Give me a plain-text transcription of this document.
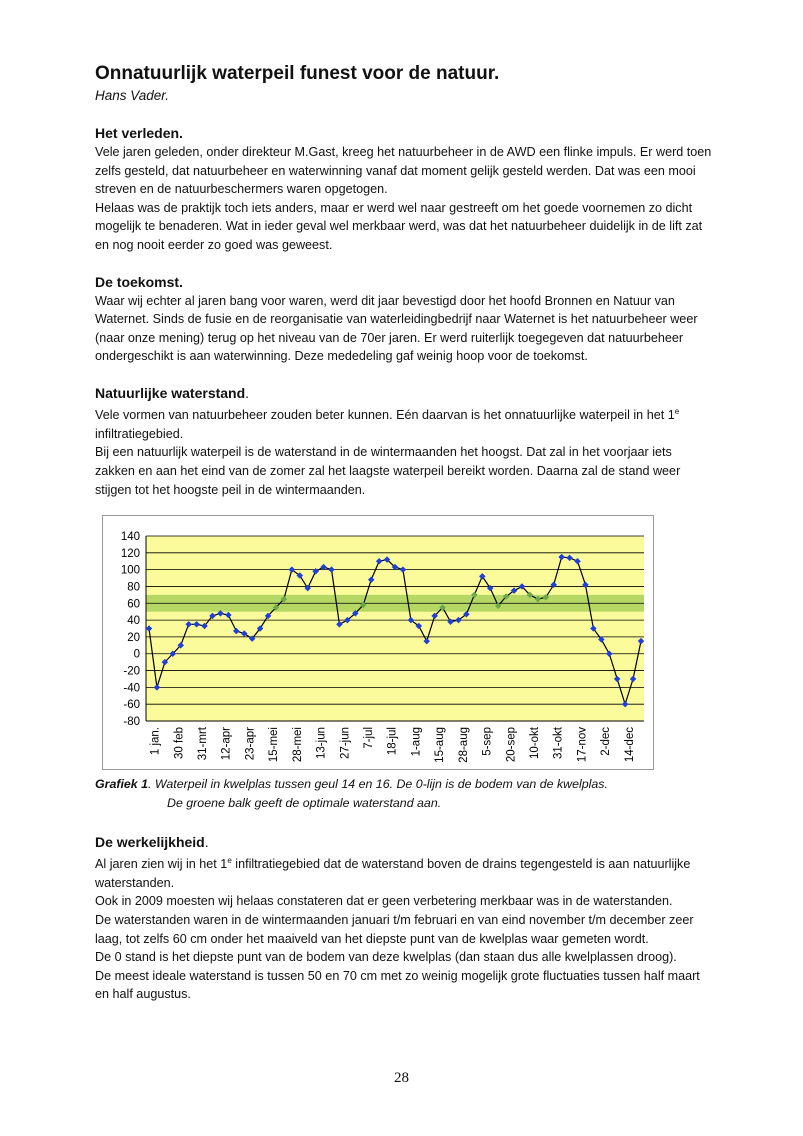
Onnatuurlijk waterpeil funest voor de natuur.

Hans Vader.

Het verleden.

Vele jaren geleden, onder direkteur M.Gast, kreeg het natuurbeheer in de AWD een flinke impuls. Er werd toen zelfs gesteld, dat natuurbeheer en waterwinning vanaf dat moment gelijk gesteld werden. Dat was een mooi streven en de natuurbeschermers waren opgetogen.

Helaas was de praktijk toch iets anders, maar er werd wel naar gestreeft om het goede voornemen zo dicht mogelijk te benaderen. Wat in ieder geval wel merkbaar werd, was dat het natuurbeheer duidelijk in de lift zat en nog nooit eerder zo goed was geweest.

De toekomst.

Waar wij echter al jaren bang voor waren, werd dit jaar bevestigd door het hoofd Bronnen en Natuur van Waternet. Sinds de fusie en de reorganisatie van waterleidingbedrijf naar Waternet is het natuurbeheer weer (naar onze mening) terug op het niveau van de 70er jaren. Er werd ruiterlijk toegegeven dat natuurbeheer ondergeschikt is aan waterwinning. Deze mededeling gaf weinig hoop voor de toekomst.

Natuurlijke waterstand.

Vele vormen van natuurbeheer zouden beter kunnen. Eén daarvan is het onnatuurlijke waterpeil in het 1e infiltratiegebied.

Bij een natuurlijk waterpeil is de waterstand in de wintermaanden het hoogst. Dat zal in het voorjaar iets zakken en aan het eind van de zomer zal het laagste waterpeil bereikt worden. Daarna zal de stand weer stijgen tot het hoogste peil in de wintermaanden.

140
120
100
80
60
40
20
0
-20
-40
-60
-80
1 jan. 30 feb 31-mrt 12-apr 23-apr 15-mei 28-mei 13-jun 27-jun 7-jul 18-jul 1-aug 15-aug 28-aug 5-sep 20-sep 10-okt 31-okt 17-nov 2-dec 14-dec
Grafiek 1. Waterpeil in kwelplas tussen geul 14 en 16. De 0-lijn is de bodem van de kwelplas.
De groene balk geeft de optimale waterstand aan.

De werkelijkheid.

Al jaren zien wij in het 1e infiltratiegebied dat de waterstand boven de drains tegengesteld is aan natuurlijke waterstanden.

Ook in 2009 moesten wij helaas constateren dat er geen verbetering merkbaar was in de waterstanden.

De waterstanden waren in de wintermaanden januari t/m februari en van eind november t/m december zeer laag, tot zelfs 60 cm onder het maaiveld van het diepste punt van de kwelplas waar gemeten wordt.

De 0 stand is het diepste punt van de bodem van deze kwelplas (dan staan dus alle kwelplassen droog).

De meest ideale waterstand is tussen 50 en 70 cm met zo weinig mogelijk grote fluctuaties tussen half maart en half augustus.

28
